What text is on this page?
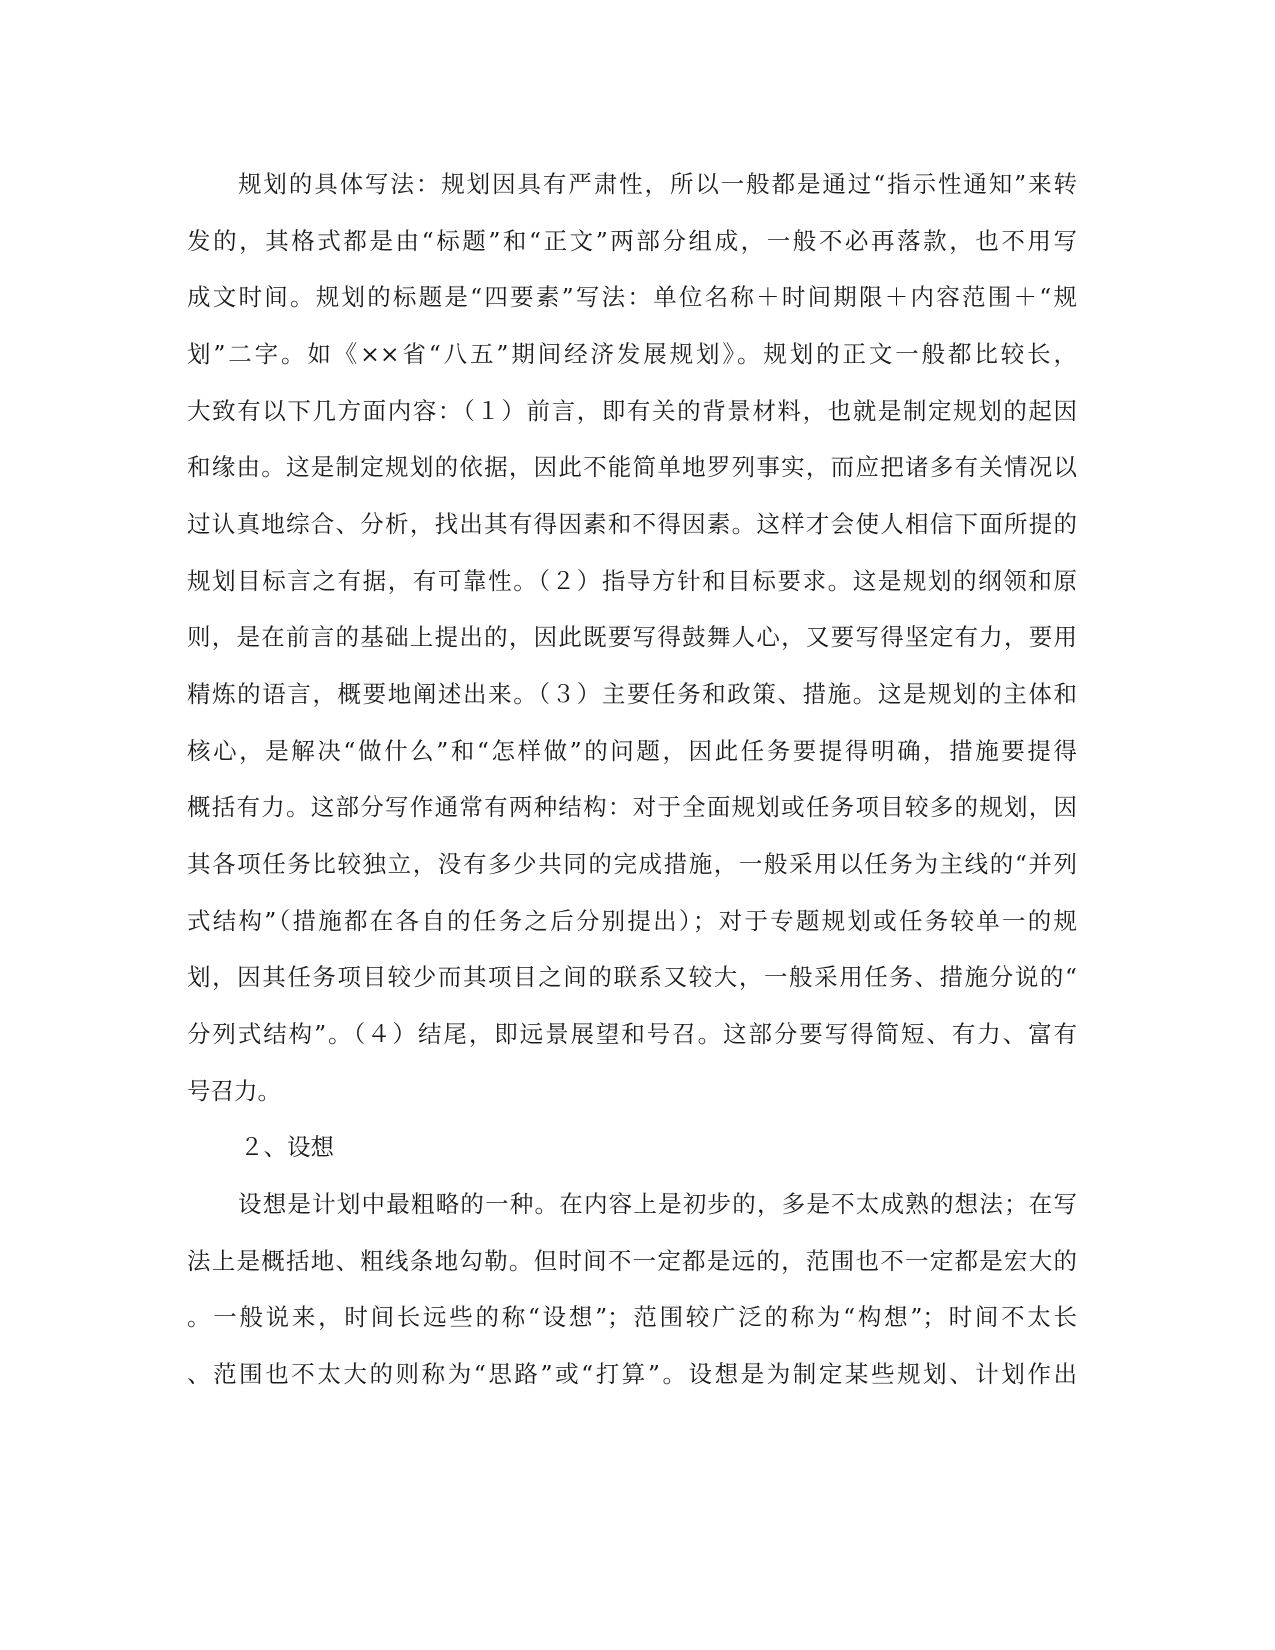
规划的具体写法：规划因具有严肃性，所以一般都是通过“指示性通知”来转
发的，其格式都是由“标题”和“正文”两部分组成，一般不必再落款，也不用写
成文时间。规划的标题是“四要素”写法：单位名称＋时间期限＋内容范围＋“规
划”二字。如《××省“八五”期间经济发展规划》。规划的正文一般都比较长，
大致有以下几方面内容：（１）前言，即有关的背景材料，也就是制定规划的起因
和缘由。这是制定规划的依据，因此不能简单地罗列事实，而应把诸多有关情况以
过认真地综合、分析，找出其有得因素和不得因素。这样才会使人相信下面所提的
规划目标言之有据，有可靠性。（２）指导方针和目标要求。这是规划的纲领和原
则，是在前言的基础上提出的，因此既要写得鼓舞人心，又要写得坚定有力，要用
精炼的语言，概要地阐述出来。（３）主要任务和政策、措施。这是规划的主体和
核心，是解决“做什么”和“怎样做”的问题，因此任务要提得明确，措施要提得
概括有力。这部分写作通常有两种结构：对于全面规划或任务项目较多的规划，因
其各项任务比较独立，没有多少共同的完成措施，一般采用以任务为主线的“并列
式结构”（措施都在各自的任务之后分别提出）；对于专题规划或任务较单一的规
划，因其任务项目较少而其项目之间的联系又较大，一般采用任务、措施分说的“
分列式结构”。（４）结尾，即远景展望和号召。这部分要写得简短、有力、富有
号召力。
２、设想
设想是计划中最粗略的一种。在内容上是初步的，多是不太成熟的想法；在写
法上是概括地、粗线条地勾勒。但时间不一定都是远的，范围也不一定都是宏大的
。一般说来，时间长远些的称“设想”；范围较广泛的称为“构想”；时间不太长
、范围也不太大的则称为“思路”或“打算”。设想是为制定某些规划、计划作出
